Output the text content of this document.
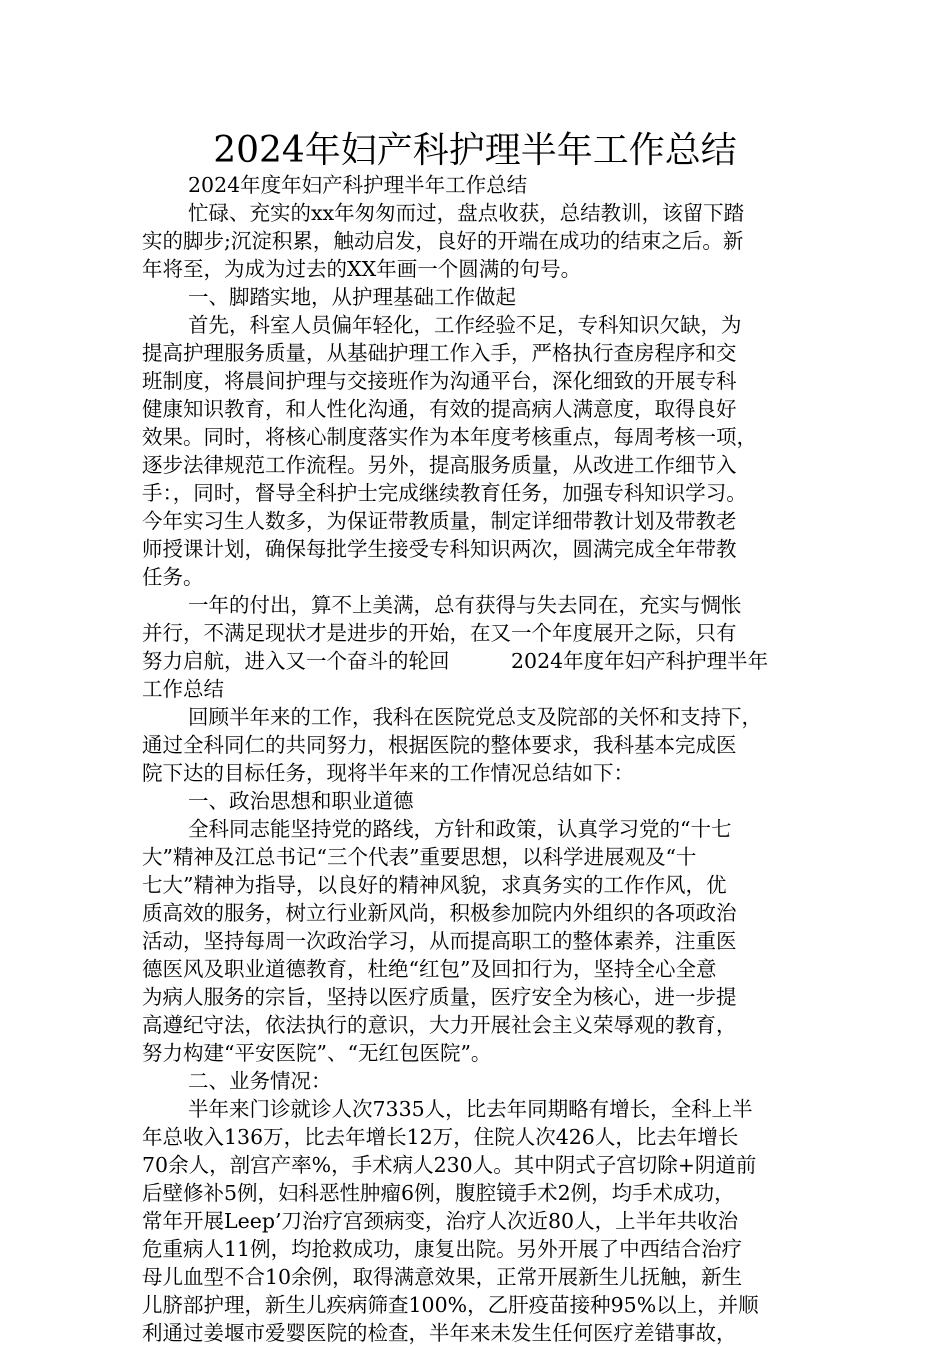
2024年妇产科护理半年工作总结
2024年度年妇产科护理半年工作总结
忙碌、充实的xx年匆匆而过，盘点收获，总结教训，该留下踏
实的脚步;沉淀积累，触动启发，良好的开端在成功的结束之后。新
年将至，为成为过去的XX年画一个圆满的句号。
一、脚踏实地，从护理基础工作做起
首先，科室人员偏年轻化，工作经验不足，专科知识欠缺，为
提高护理服务质量，从基础护理工作入手，严格执行查房程序和交
班制度，将晨间护理与交接班作为沟通平台，深化细致的开展专科
健康知识教育，和人性化沟通，有效的提高病人满意度，取得良好
效果。同时，将核心制度落实作为本年度考核重点，每周考核一项，
逐步法律规范工作流程。另外，提高服务质量，从改进工作细节入
手：，同时，督导全科护士完成继续教育任务，加强专科知识学习。
今年实习生人数多，为保证带教质量，制定详细带教计划及带教老
师授课计划，确保每批学生接受专科知识两次，圆满完成全年带教
任务。
一年的付出，算不上美满，总有获得与失去同在，充实与惆怅
并行，不满足现状才是进步的开始，在又一个年度展开之际，只有
努力启航，进入又一个奋斗的轮回　　　2024年度年妇产科护理半年
工作总结
回顾半年来的工作，我科在医院党总支及院部的关怀和支持下，
通过全科同仁的共同努力，根据医院的整体要求，我科基本完成医
院下达的目标任务，现将半年来的工作情况总结如下：
一、政治思想和职业道德
全科同志能坚持党的路线，方针和政策，认真学习党的“十七
大”精神及江总书记“三个代表”重要思想，以科学进展观及“十
七大”精神为指导，以良好的精神风貌，求真务实的工作作风，优
质高效的服务，树立行业新风尚，积极参加院内外组织的各项政治
活动，坚持每周一次政治学习，从而提高职工的整体素养，注重医
德医风及职业道德教育，杜绝“红包”及回扣行为，坚持全心全意
为病人服务的宗旨，坚持以医疗质量，医疗安全为核心，进一步提
高遵纪守法，依法执行的意识，大力开展社会主义荣辱观的教育，
努力构建“平安医院”、“无红包医院”。
二、业务情况：
半年来门诊就诊人次7335人，比去年同期略有增长，全科上半
年总收入136万，比去年增长12万，住院人次426人，比去年增长
70余人，剖宫产率%，手术病人230人。其中阴式子宫切除+阴道前
后壁修补5例，妇科恶性肿瘤6例，腹腔镜手术2例，均手术成功，
常年开展Leep’刀治疗宫颈病变，治疗人次近80人，上半年共收治
危重病人11例，均抢救成功，康复出院。另外开展了中西结合治疗
母儿血型不合10余例，取得满意效果，正常开展新生儿抚触，新生
儿脐部护理，新生儿疾病筛查100%，乙肝疫苗接种95%以上，并顺
利通过姜堰市爱婴医院的检查，半年来未发生任何医疗差错事故，
